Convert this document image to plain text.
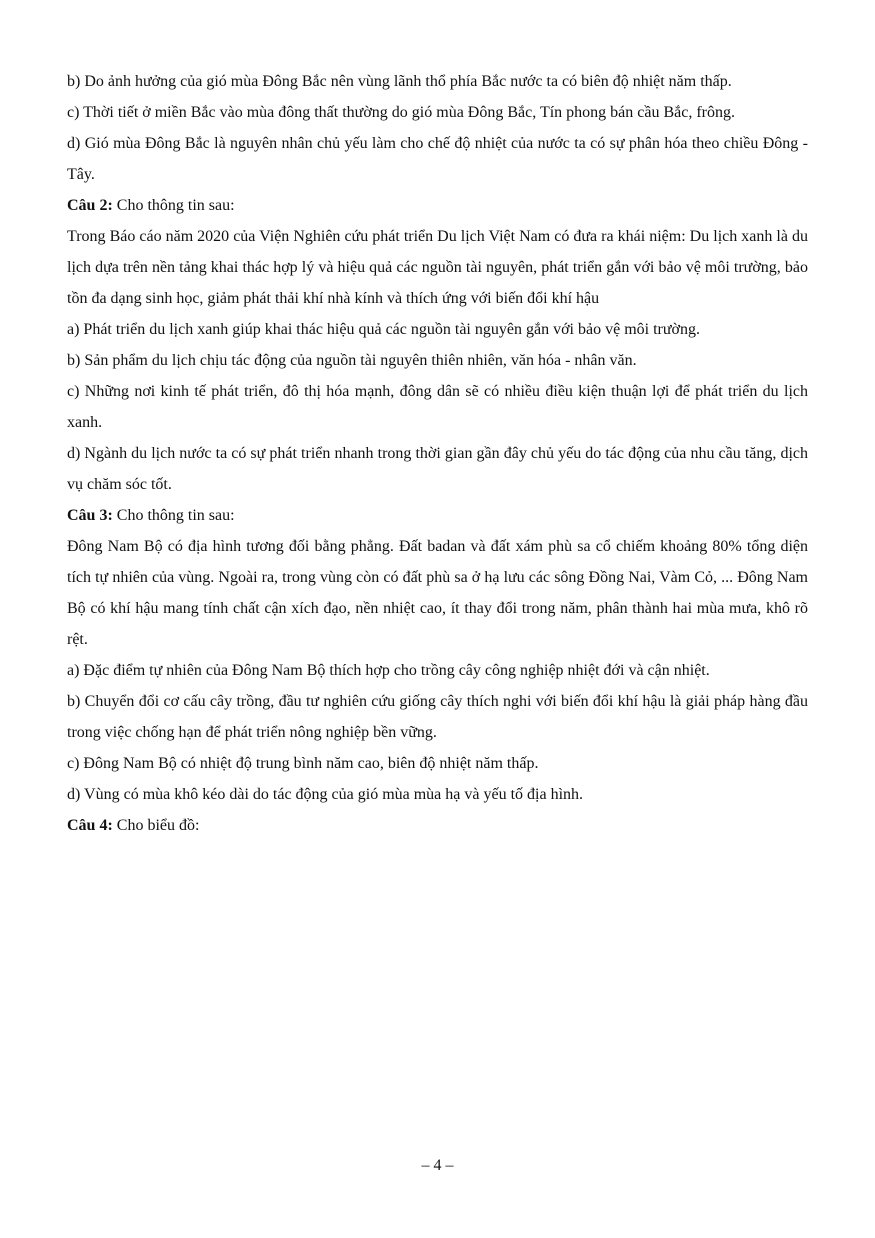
b) Do ảnh hưởng của gió mùa Đông Bắc nên vùng lãnh thổ phía Bắc nước ta có biên độ nhiệt năm thấp.

c) Thời tiết ở miền Bắc vào mùa đông thất thường do gió mùa Đông Bắc, Tín phong bán cầu Bắc, frông.

d) Gió mùa Đông Bắc là nguyên nhân chủ yếu làm cho chế độ nhiệt của nước ta có sự phân hóa theo chiều Đông - Tây.

Câu 2: Cho thông tin sau:

Trong Báo cáo năm 2020 của Viện Nghiên cứu phát triển Du lịch Việt Nam có đưa ra khái niệm: Du lịch xanh là du lịch dựa trên nền tảng khai thác hợp lý và hiệu quả các nguồn tài nguyên, phát triển gắn với bảo vệ môi trường, bảo tồn đa dạng sinh học, giảm phát thải khí nhà kính và thích ứng với biến đổi khí hậu

a) Phát triển du lịch xanh giúp khai thác hiệu quả các nguồn tài nguyên gắn với bảo vệ môi trường.

b) Sản phẩm du lịch chịu tác động của nguồn tài nguyên thiên nhiên, văn hóa - nhân văn.

c) Những nơi kinh tế phát triển, đô thị hóa mạnh, đông dân sẽ có nhiều điều kiện thuận lợi để phát triển du lịch xanh.

d) Ngành du lịch nước ta có sự phát triển nhanh trong thời gian gần đây chủ yếu do tác động của nhu cầu tăng, dịch vụ chăm sóc tốt.

Câu 3: Cho thông tin sau:

Đông Nam Bộ có địa hình tương đối bằng phẳng. Đất badan và đất xám phù sa cổ chiếm khoảng 80% tổng diện tích tự nhiên của vùng. Ngoài ra, trong vùng còn có đất phù sa ở hạ lưu các sông Đồng Nai, Vàm Cỏ, ... Đông Nam Bộ có khí hậu mang tính chất cận xích đạo, nền nhiệt cao, ít thay đổi trong năm, phân thành hai mùa mưa, khô rõ rệt.

a) Đặc điểm tự nhiên của Đông Nam Bộ thích hợp cho trồng cây công nghiệp nhiệt đới và cận nhiệt.

b) Chuyển đổi cơ cấu cây trồng, đầu tư nghiên cứu giống cây thích nghi với biến đổi khí hậu là giải pháp hàng đầu trong việc chống hạn để phát triển nông nghiệp bền vững.

c) Đông Nam Bộ có nhiệt độ trung bình năm cao, biên độ nhiệt năm thấp.

d) Vùng có mùa khô kéo dài do tác động của gió mùa mùa hạ và yếu tố địa hình.

Câu 4: Cho biểu đồ:

– 4 –
